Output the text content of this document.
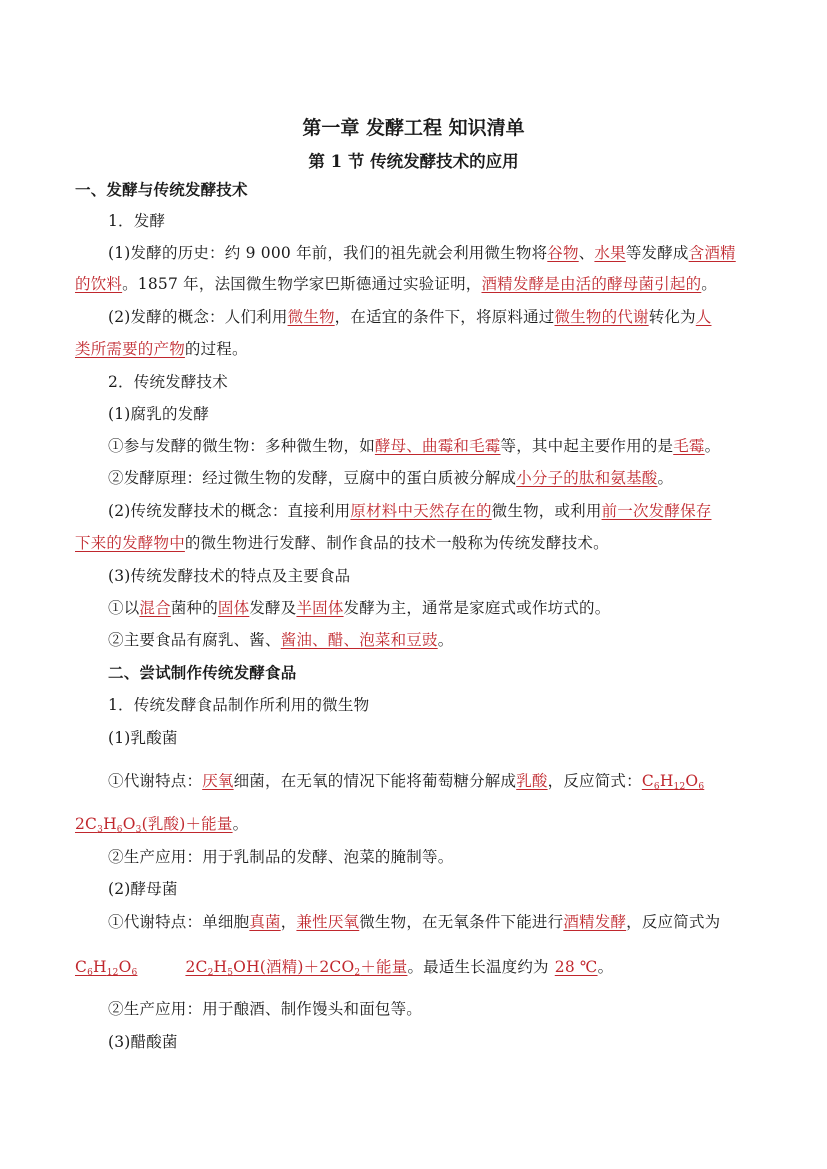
第一章 发酵工程 知识清单
第 1 节 传统发酵技术的应用
一、发酵与传统发酵技术
1．发酵
(1)发酵的历史：约 9 000 年前，我们的祖先就会利用微生物将谷物、水果等发酵成含酒精
的饮料。1857 年，法国微生物学家巴斯德通过实验证明，酒精发酵是由活的酵母菌引起的。
(2)发酵的概念：人们利用微生物，在适宜的条件下，将原料通过微生物的代谢转化为人
类所需要的产物的过程。
2．传统发酵技术
(1)腐乳的发酵
①参与发酵的微生物：多种微生物，如酵母、曲霉和毛霉等，其中起主要作用的是毛霉。
②发酵原理：经过微生物的发酵，豆腐中的蛋白质被分解成小分子的肽和氨基酸。
(2)传统发酵技术的概念：直接利用原材料中天然存在的微生物，或利用前一次发酵保存
下来的发酵物中的微生物进行发酵、制作食品的技术一般称为传统发酵技术。
(3)传统发酵技术的特点及主要食品
①以混合菌种的固体发酵及半固体发酵为主，通常是家庭式或作坊式的。
②主要食品有腐乳、酱、酱油、醋、泡菜和豆豉。
二、尝试制作传统发酵食品
1．传统发酵食品制作所利用的微生物
(1)乳酸菌
①代谢特点：厌氧细菌，在无氧的情况下能将葡萄糖分解成乳酸，反应简式：$C_6H_{12}O_6$
$2C_3H_6O_3$(乳酸)＋能量。
②生产应用：用于乳制品的发酵、泡菜的腌制等。
(2)酵母菌
①代谢特点：单细胞真菌，兼性厌氧微生物，在无氧条件下能进行酒精发酵，反应简式为
$C_6H_{12}O_6$	$2C_2H_5OH$(酒精)$+2CO_2+$能量。最适生长温度约为 28 ℃。
②生产应用：用于酿酒、制作馒头和面包等。
(3)醋酸菌
